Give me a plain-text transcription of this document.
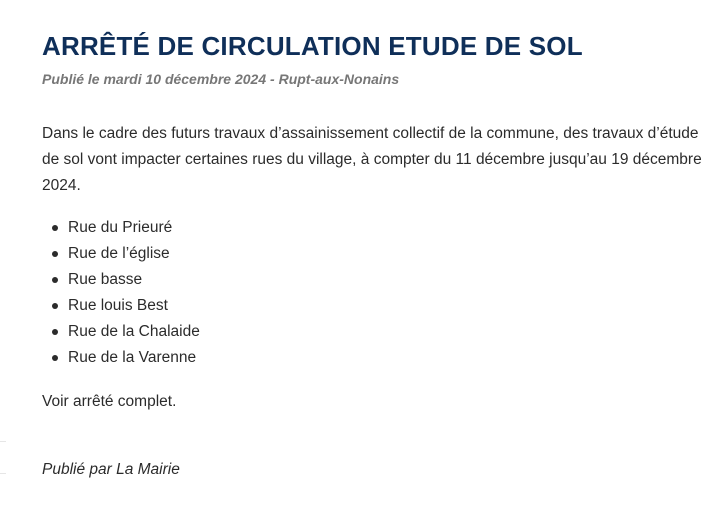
ARRÊTÉ DE CIRCULATION ETUDE DE SOL
Publié le mardi 10 décembre 2024 - Rupt-aux-Nonains

Dans le cadre des futurs travaux d’assainissement collectif de la commune, des travaux d’étude de sol vont impacter certaines rues du village, à compter du 11 décembre jusqu’au 19 décembre 2024.

Rue du Prieuré
Rue de l’église
Rue basse
Rue louis Best
Rue de la Chalaide
Rue de la Varenne
Voir arrêté complet.
Publié par La Mairie
